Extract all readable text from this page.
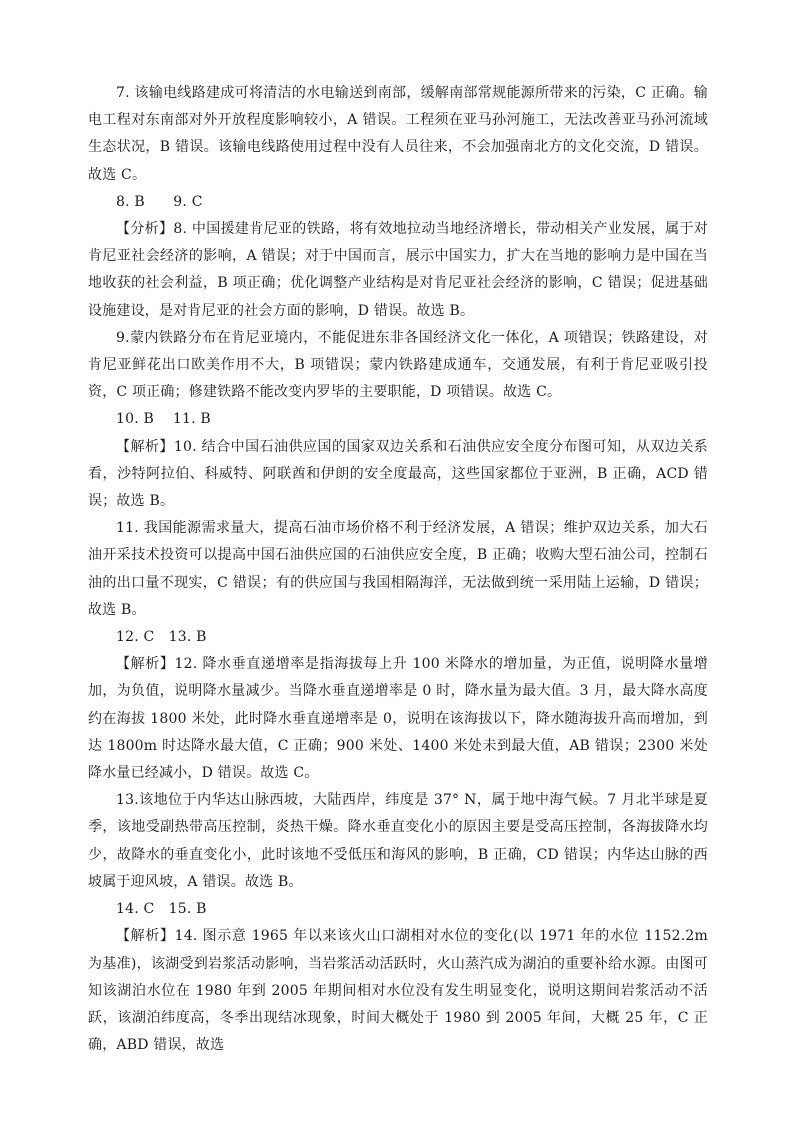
7. 该输电线路建成可将清洁的水电输送到南部，缓解南部常规能源所带来的污染，C 正确。输电工程对东南部对外开放程度影响较小，A 错误。工程须在亚马孙河施工，无法改善亚马孙河流域生态状况，B 错误。该输电线路使用过程中没有人员往来，不会加强南北方的文化交流，D 错误。故选 C。

8. B　　9. C

【分析】8. 中国援建肯尼亚的铁路，将有效地拉动当地经济增长，带动相关产业发展，属于对肯尼亚社会经济的影响，A 错误；对于中国而言，展示中国实力，扩大在当地的影响力是中国在当地收获的社会利益，B 项正确；优化调整产业结构是对肯尼亚社会经济的影响，C 错误；促进基础设施建设，是对肯尼亚的社会方面的影响，D 错误。故选 B。

9.蒙内铁路分布在肯尼亚境内，不能促进东非各国经济文化一体化，A 项错误；铁路建设，对肯尼亚鲜花出口欧美作用不大，B 项错误；蒙内铁路建成通车，交通发展，有利于肯尼亚吸引投资，C 项正确；修建铁路不能改变内罗毕的主要职能，D 项错误。故选 C。

10. B　 11. B

【解析】10. 结合中国石油供应国的国家双边关系和石油供应安全度分布图可知，从双边关系看，沙特阿拉伯、科威特、阿联酋和伊朗的安全度最高，这些国家都位于亚洲，B 正确，ACD 错误；故选 B。

11. 我国能源需求量大，提高石油市场价格不利于经济发展，A 错误；维护双边关系，加大石油开采技术投资可以提高中国石油供应国的石油供应安全度，B 正确；收购大型石油公司，控制石油的出口量不现实，C 错误；有的供应国与我国相隔海洋，无法做到统一采用陆上运输，D 错误；故选 B。

12. C　13. B

【解析】12. 降水垂直递增率是指海拔每上升 100 米降水的增加量，为正值，说明降水量增加，为负值，说明降水量减少。当降水垂直递增率是 0 时，降水量为最大值。3 月，最大降水高度约在海拔 1800 米处，此时降水垂直递增率是 0，说明在该海拔以下，降水随海拔升高而增加，到达 1800m 时达降水最大值，C 正确；900 米处、1400 米处未到最大值，AB 错误；2300 米处降水量已经减小，D 错误。故选 C。

13.该地位于内华达山脉西坡，大陆西岸，纬度是 37° N，属于地中海气候。7 月北半球是夏季，该地受副热带高压控制，炎热干燥。降水垂直变化小的原因主要是受高压控制，各海拔降水均少，故降水的垂直变化小，此时该地不受低压和海风的影响，B 正确，CD 错误；内华达山脉的西坡属于迎风坡，A 错误。故选 B。

14. C　15. B

【解析】14. 图示意 1965 年以来该火山口湖相对水位的变化(以 1971 年的水位 1152.2m 为基准)，该湖受到岩浆活动影响，当岩浆活动活跃时，火山蒸汽成为湖泊的重要补给水源。由图可知该湖泊水位在 1980 年到 2005 年期间相对水位没有发生明显变化，说明这期间岩浆活动不活跃，该湖泊纬度高，冬季出现结冰现象，时间大概处于 1980 到 2005 年间，大概 25 年，C 正确，ABD 错误，故选
